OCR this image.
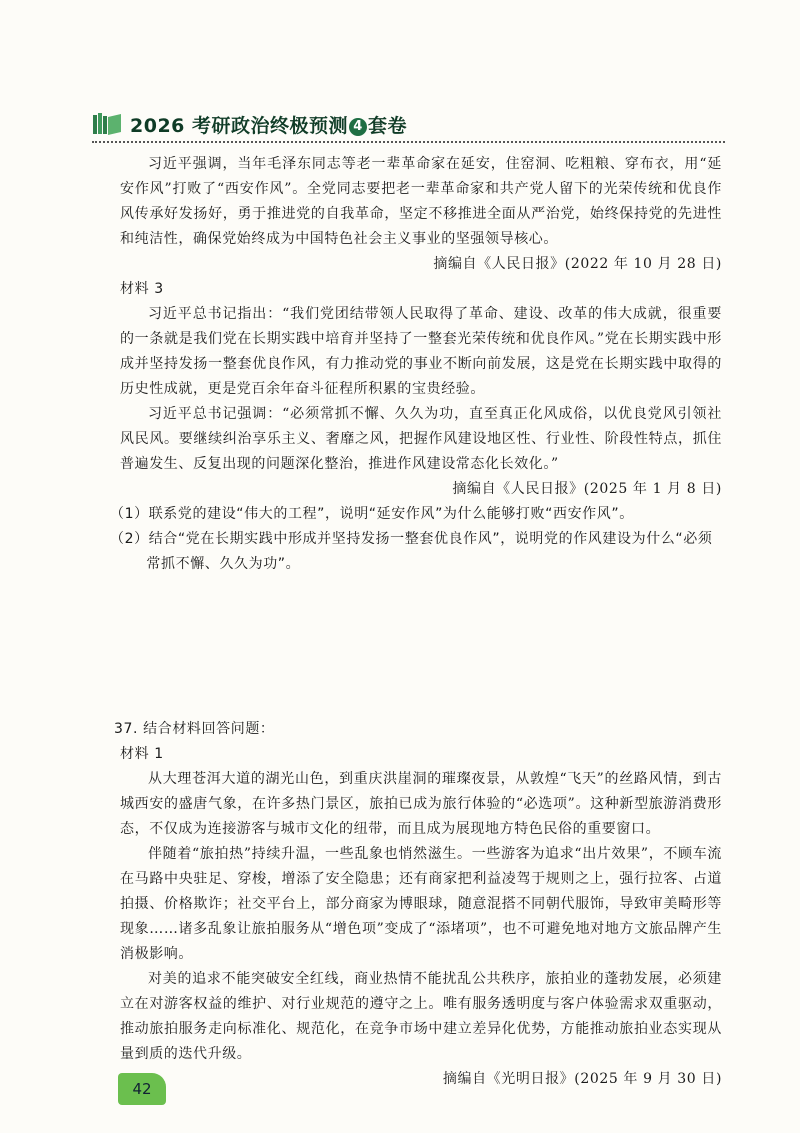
2026 考研政治终极预测 4 套卷

习近平强调，当年毛泽东同志等老一辈革命家在延安，住窑洞、吃粗粮、穿布衣，用“延安作风”打败了“西安作风”。全党同志要把老一辈革命家和共产党人留下的光荣传统和优良作风传承好发扬好，勇于推进党的自我革命，坚定不移推进全面从严治党，始终保持党的先进性和纯洁性，确保党始终成为中国特色社会主义事业的坚强领导核心。

摘编自《人民日报》(2022 年 10 月 28 日)

材料 3

习近平总书记指出：“我们党团结带领人民取得了革命、建设、改革的伟大成就，很重要的一条就是我们党在长期实践中培育并坚持了一整套光荣传统和优良作风。”党在长期实践中形成并坚持发扬一整套优良作风，有力推动党的事业不断向前发展，这是党在长期实践中取得的历史性成就，更是党百余年奋斗征程所积累的宝贵经验。

习近平总书记强调：“必须常抓不懈、久久为功，直至真正化风成俗，以优良党风引领社风民风。要继续纠治享乐主义、奢靡之风，把握作风建设地区性、行业性、阶段性特点，抓住普遍发生、反复出现的问题深化整治，推进作风建设常态化长效化。”

摘编自《人民日报》(2025 年 1 月 8 日)

（1）联系党的建设“伟大的工程”，说明“延安作风”为什么能够打败“西安作风”。

（2）结合“党在长期实践中形成并坚持发扬一整套优良作风”，说明党的作风建设为什么“必须常抓不懈、久久为功”。

37. 结合材料回答问题：

材料 1

从大理苍洱大道的湖光山色，到重庆洪崖洞的璀璨夜景，从敦煌“飞天”的丝路风情，到古城西安的盛唐气象，在许多热门景区，旅拍已成为旅行体验的“必选项”。这种新型旅游消费形态，不仅成为连接游客与城市文化的纽带，而且成为展现地方特色民俗的重要窗口。

伴随着“旅拍热”持续升温，一些乱象也悄然滋生。一些游客为追求“出片效果”，不顾车流在马路中央驻足、穿梭，增添了安全隐患；还有商家把利益凌驾于规则之上，强行拉客、占道拍摄、价格欺诈；社交平台上，部分商家为博眼球，随意混搭不同朝代服饰，导致审美畸形等现象……诸多乱象让旅拍服务从“增色项”变成了“添堵项”，也不可避免地对地方文旅品牌产生消极影响。

对美的追求不能突破安全红线，商业热情不能扰乱公共秩序，旅拍业的蓬勃发展，必须建立在对游客权益的维护、对行业规范的遵守之上。唯有服务透明度与客户体验需求双重驱动，推动旅拍服务走向标准化、规范化，在竞争市场中建立差异化优势，方能推动旅拍业态实现从量到质的迭代升级。

摘编自《光明日报》(2025 年 9 月 30 日)

42
